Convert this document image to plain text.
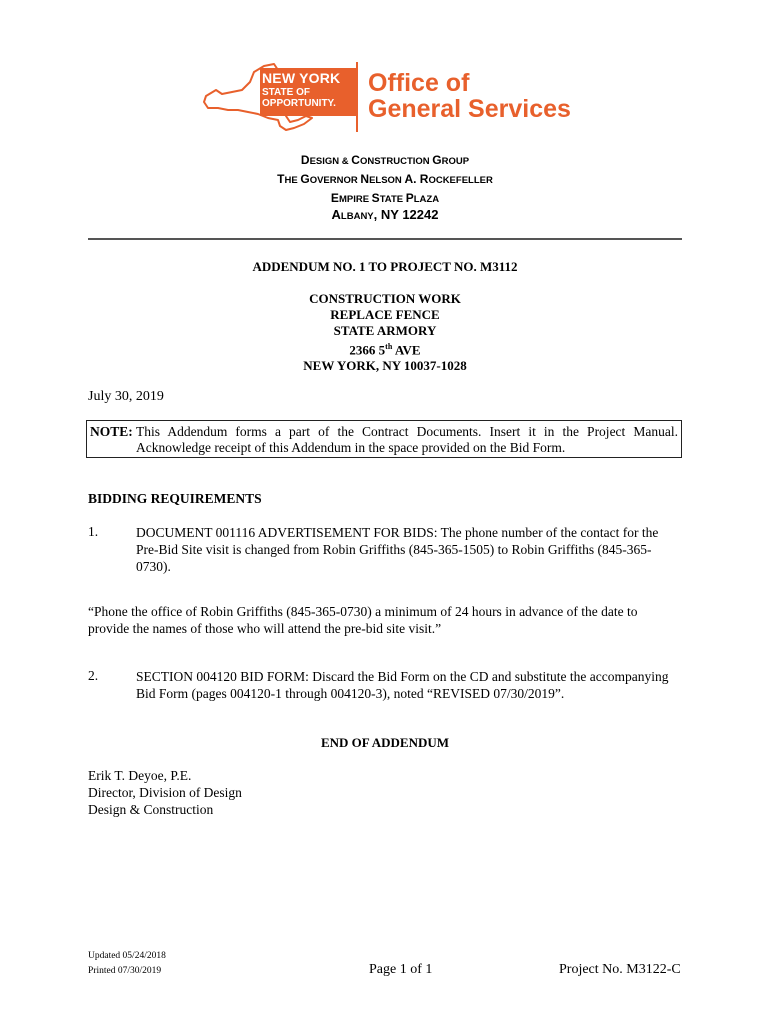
NEW YORK
STATE OF
OPPORTUNITY.
Office of
General Services
DESIGN & CONSTRUCTION GROUP
THE GOVERNOR NELSON A. ROCKEFELLER
EMPIRE STATE PLAZA
ALBANY, NY 12242
ADDENDUM NO. 1 TO PROJECT NO. M3112
CONSTRUCTION WORK
REPLACE FENCE
STATE ARMORY
2366 5th AVE
NEW YORK, NY 10037-1028
July 30, 2019
NOTE: This Addendum forms a part of the Contract Documents. Insert it in the Project Manual.
Acknowledge receipt of this Addendum in the space provided on the Bid Form.
BIDDING REQUIREMENTS
1.	DOCUMENT 001116 ADVERTISEMENT FOR BIDS: The phone number of the contact for the Pre-Bid Site visit is changed from Robin Griffiths (845-365-1505) to Robin Griffiths (845-365-0730).
“Phone the office of Robin Griffiths (845-365-0730) a minimum of 24 hours in advance of the date to provide the names of those who will attend the pre-bid site visit.”
2.	SECTION 004120 BID FORM: Discard the Bid Form on the CD and substitute the accompanying Bid Form (pages 004120-1 through 004120-3), noted “REVISED 07/30/2019”.
END OF ADDENDUM
Erik T. Deyoe, P.E.
Director, Division of Design
Design & Construction
Updated 05/24/2018
Printed 07/30/2019	Page 1 of 1	Project No. M3122-C
